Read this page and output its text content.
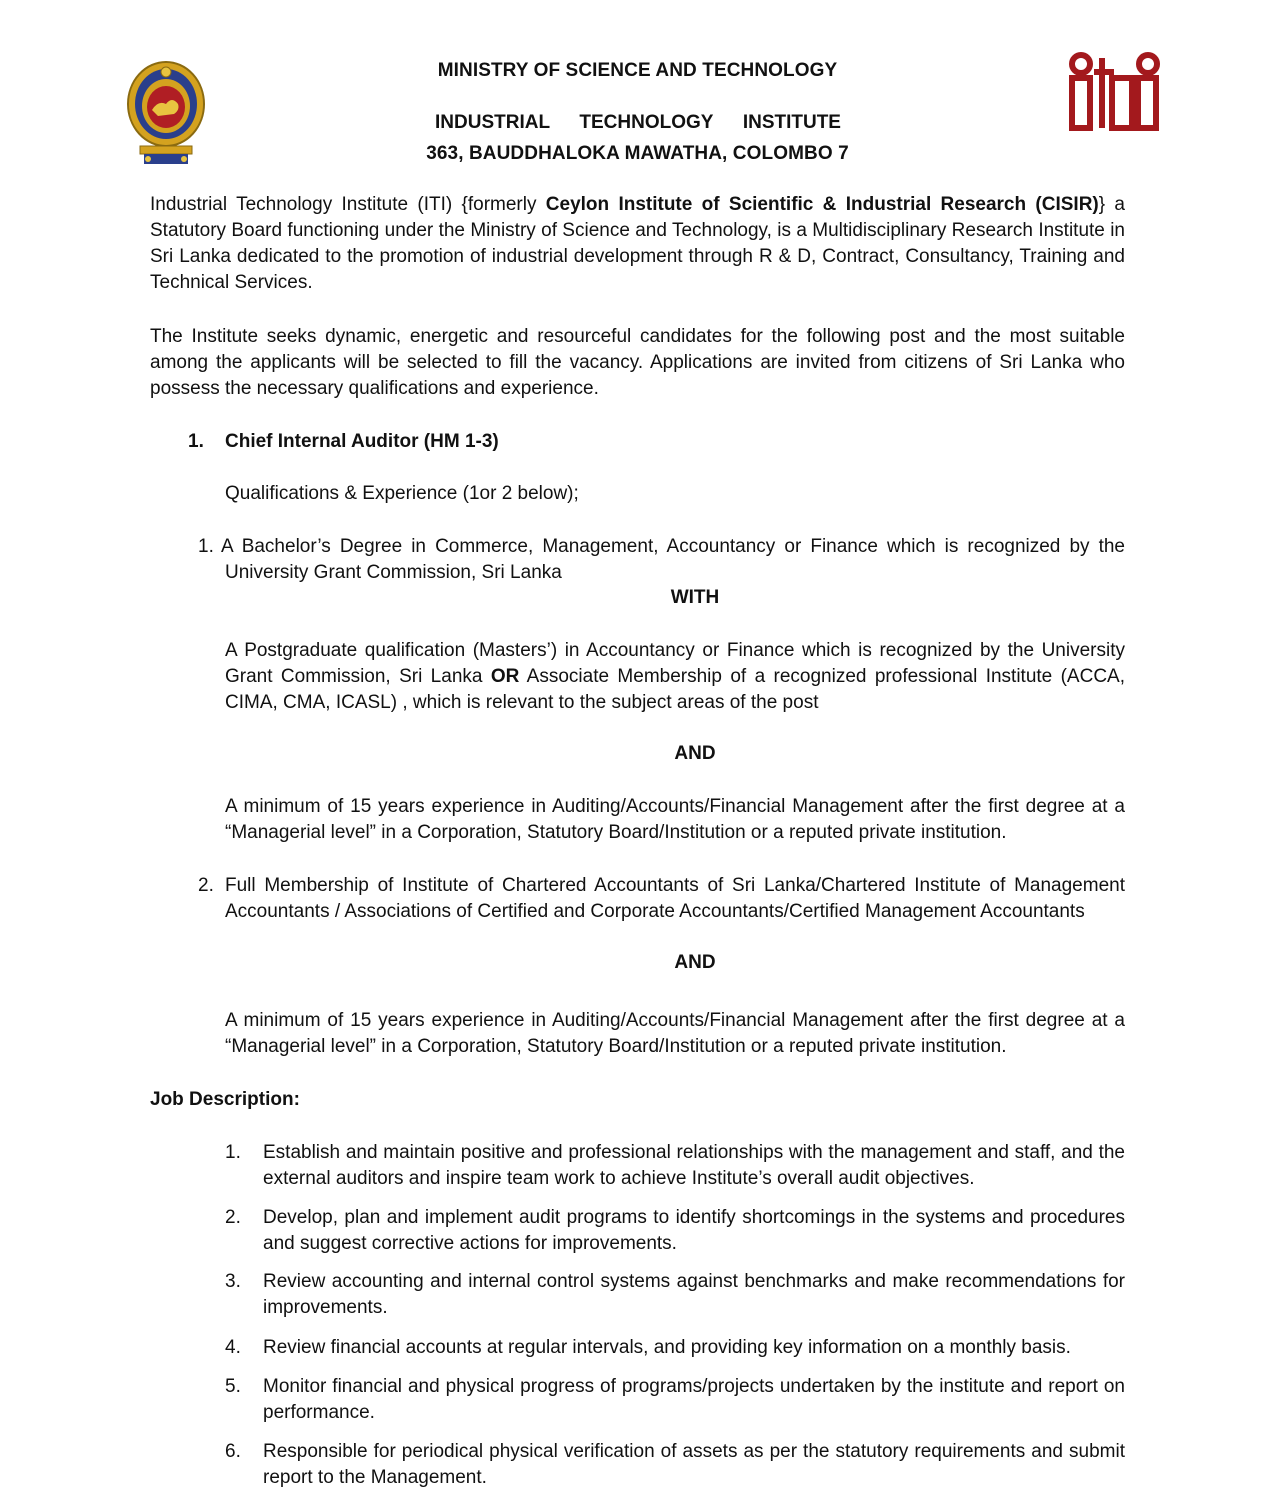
MINISTRY OF SCIENCE AND TECHNOLOGY
INDUSTRIAL TECHNOLOGY INSTITUTE
363, BAUDDHALOKA MAWATHA, COLOMBO 7
Industrial Technology Institute (ITI) {formerly Ceylon Institute of Scientific & Industrial Research (CISIR)} a Statutory Board functioning under the Ministry of Science and Technology, is a Multidisciplinary Research Institute in Sri Lanka dedicated to the promotion of industrial development through R & D, Contract, Consultancy, Training and Technical Services.
The Institute seeks dynamic, energetic and resourceful candidates for the following post and the most suitable among the applicants will be selected to fill the vacancy. Applications are invited from citizens of Sri Lanka who possess the necessary qualifications and experience.
1. Chief Internal Auditor (HM 1-3)
Qualifications & Experience (1or 2 below);
1. A Bachelor’s Degree in Commerce, Management, Accountancy or Finance which is recognized by the University Grant Commission, Sri Lanka
WITH
A Postgraduate qualification (Masters’) in Accountancy or Finance which is recognized by the University Grant Commission, Sri Lanka OR Associate Membership of a recognized professional Institute (ACCA, CIMA, CMA, ICASL) , which is relevant to the subject areas of the post
AND
A minimum of 15 years experience in Auditing/Accounts/Financial Management after the first degree at a “Managerial level” in a Corporation, Statutory Board/Institution or a reputed private institution.
2. Full Membership of Institute of Chartered Accountants of Sri Lanka/Chartered Institute of Management Accountants / Associations of Certified and Corporate Accountants/Certified Management Accountants
AND
A minimum of 15 years experience in Auditing/Accounts/Financial Management after the first degree at a “Managerial level” in a Corporation, Statutory Board/Institution or a reputed private institution.
Job Description:
1. Establish and maintain positive and professional relationships with the management and staff, and the external auditors and inspire team work to achieve Institute’s overall audit objectives.
2. Develop, plan and implement audit programs to identify shortcomings in the systems and procedures and suggest corrective actions for improvements.
3. Review accounting and internal control systems against benchmarks and make recommendations for improvements.
4. Review financial accounts at regular intervals, and providing key information on a monthly basis.
5. Monitor financial and physical progress of programs/projects undertaken by the institute and report on performance.
6. Responsible for periodical physical verification of assets as per the statutory requirements and submit report to the Management.
